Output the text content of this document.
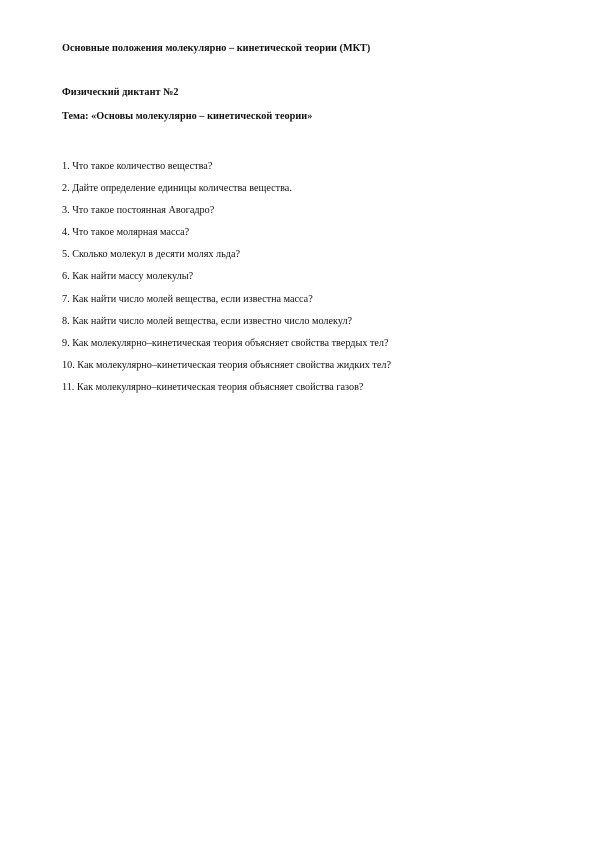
Основные положения молекулярно – кинетической теории (МКТ)
Физический диктант №2
Тема: «Основы молекулярно – кинетической теории»
1. Что такое количество вещества?
2. Дайте определение единицы количества вещества.
3. Что такое постоянная Авогадро?
4. Что такое молярная масса?
5. Сколько молекул в десяти молях льда?
6. Как найти массу молекулы?
7. Как найти число молей вещества, если известна масса?
8. Как найти число молей вещества, если известно число молекул?
9. Как молекулярно–кинетическая теория объясняет свойства твердых тел?
10. Как молекулярно–кинетическая теория объясняет свойства жидких тел?
11. Как молекулярно–кинетическая теория объясняет свойства газов?
